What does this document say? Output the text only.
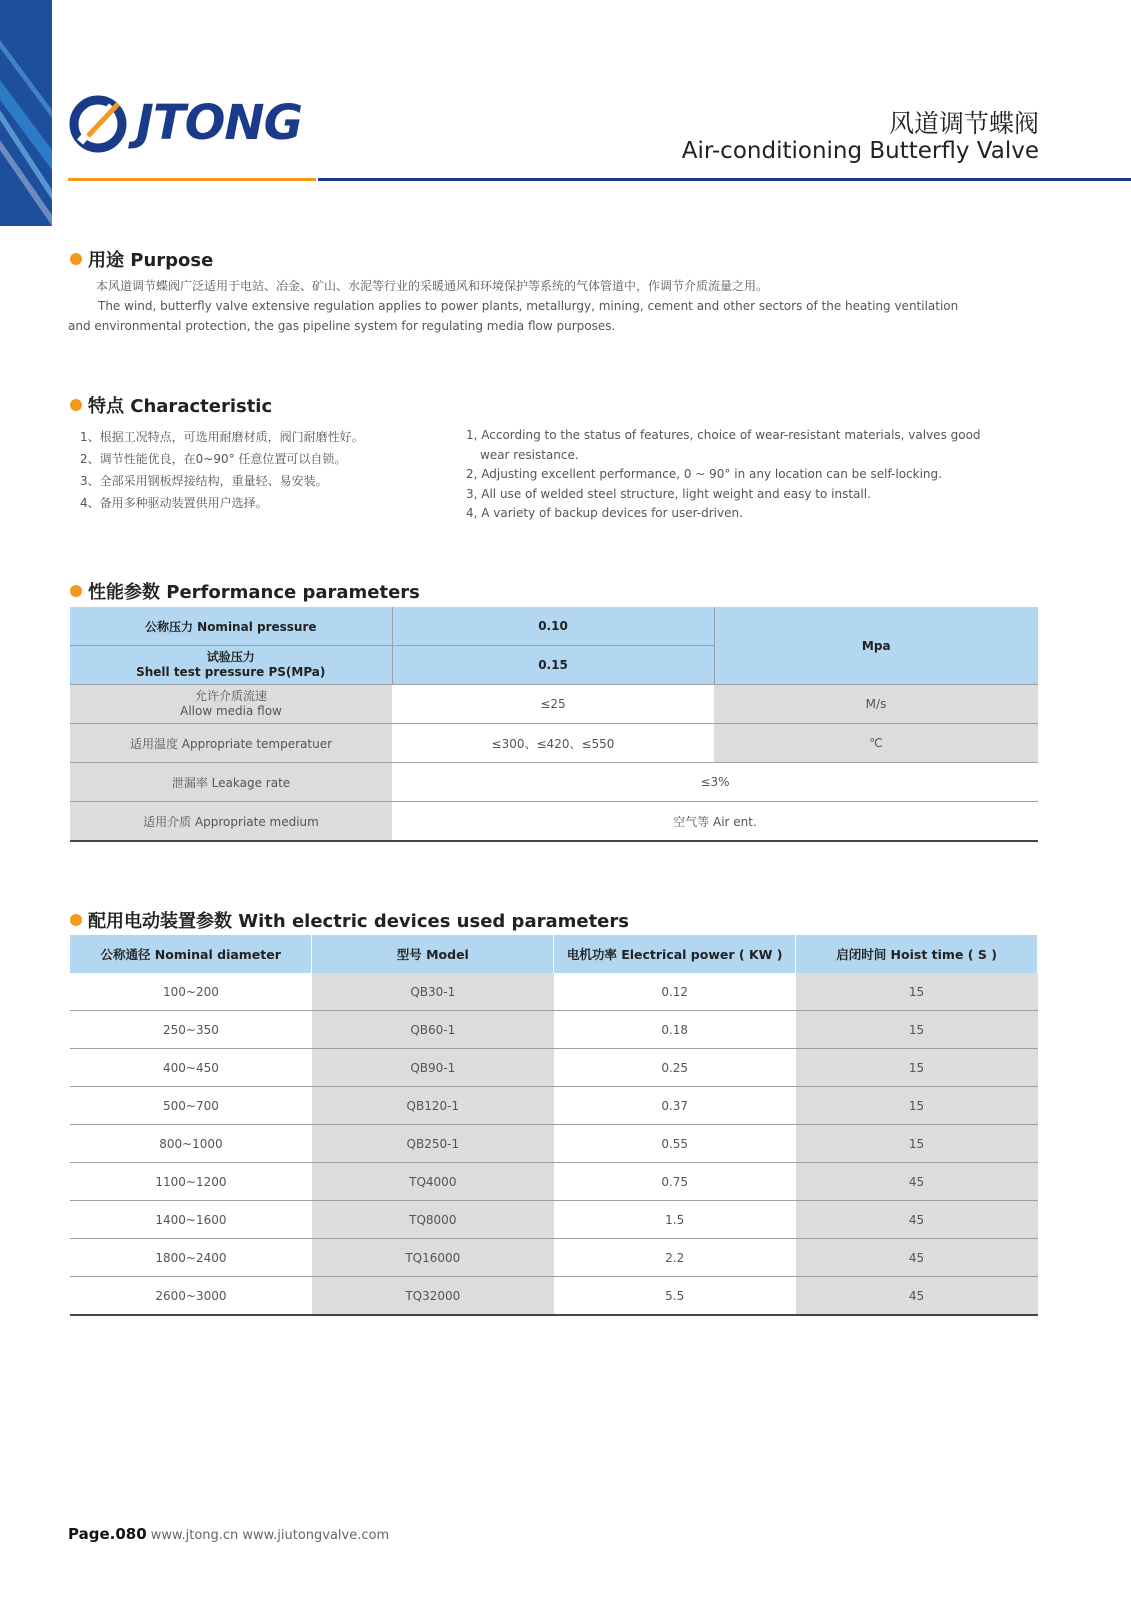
JTONG	风道调节蝶阀
Air-conditioning Butterfly Valve
用途 Purpose
本风道调节蝶阀广泛适用于电站、冶金、矿山、水泥等行业的采暖通风和环境保护等系统的气体管道中，作调节介质流量之用。
The wind, butterfly valve extensive regulation applies to power plants, metallurgy, mining, cement and other sectors of the heating ventilation
and environmental protection, the gas pipeline system for regulating media flow purposes.
特点 Characteristic
1、根据工况特点，可选用耐磨材质，阀门耐磨性好。
2、调节性能优良，在0~90° 任意位置可以自锁。
3、全部采用钢板焊接结构，重量轻、易安装。
4、备用多种驱动装置供用户选择。
1, According to the status of features, choice of wear-resistant materials, valves good
wear resistance.
2, Adjusting excellent performance, 0 ~ 90° in any location can be self-locking.
3, All use of welded steel structure, light weight and easy to install.
4, A variety of backup devices for user-driven.
性能参数 Performance parameters
公称压力 Nominal pressure	0.10	Mpa

试验压力
Shell test pressure PS(MPa)	0.15	

允许介质流速
Allow media flow	≤25	M/s
适用温度 Appropriate temperatuer	≤300、≤420、≤550	℃
泄漏率 Leakage rate	≤3%	
适用介质 Appropriate medium	空气等 Air ent.	
配用电动装置参数 With electric devices used parameters
公称通径 Nominal diameter	型号 Model	电机功率 Electrical power ( KW )	启闭时间 Hoist time ( S )
100~200	QB30-1	0.12	15
250~350	QB60-1	0.18	15
400~450	QB90-1	0.25	15
500~700	QB120-1	0.37	15
800~1000	QB250-1	0.55	15
1100~1200	TQ4000	0.75	45
1400~1600	TQ8000	1.5	45
1800~2400	TQ16000	2.2	45
2600~3000	TQ32000	5.5	45
Page.080 www.jtong.cn www.jiutongvalve.com
